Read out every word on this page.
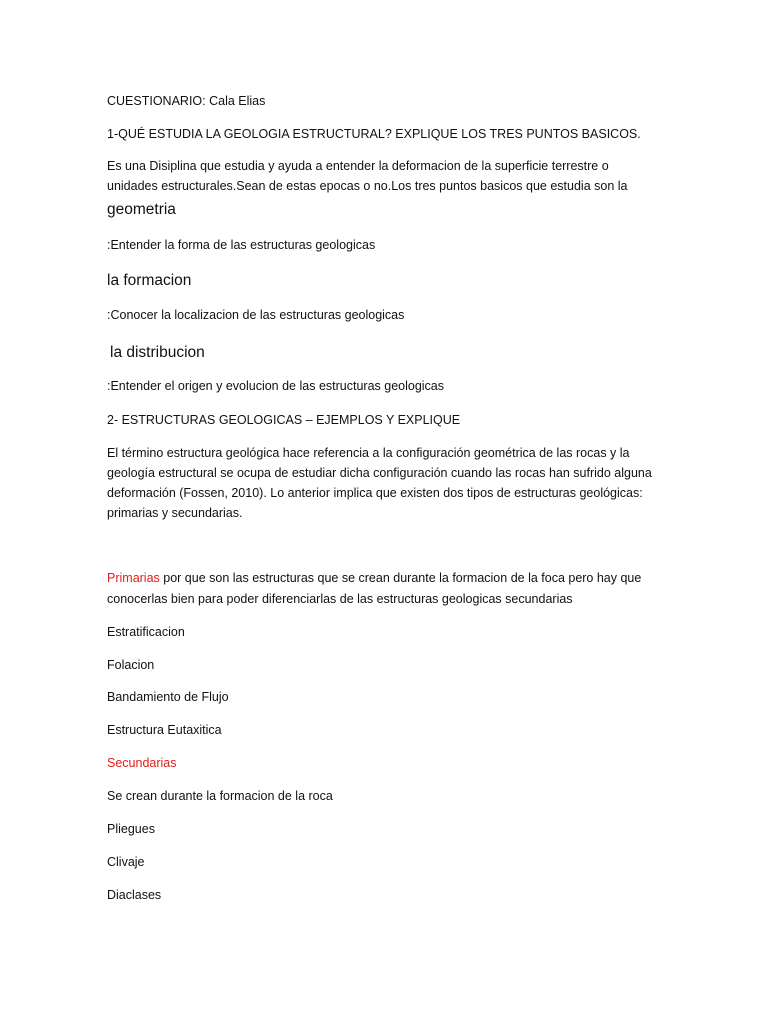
CUESTIONARIO: Cala Elias
1-QUÉ ESTUDIA LA GEOLOGIA ESTRUCTURAL? EXPLIQUE LOS TRES PUNTOS BASICOS.
Es una Disiplina que estudia y ayuda a entender la deformacion de la superficie terrestre o
unidades estructurales.Sean de estas epocas o no.Los tres puntos basicos que estudia son la
geometria
:Entender la forma de las estructuras geologicas
la formacion
:Conocer la localizacion de las estructuras geologicas
la distribucion
:Entender el origen y evolucion de las estructuras geologicas
2- ESTRUCTURAS GEOLOGICAS – EJEMPLOS Y EXPLIQUE
El término estructura geológica hace referencia a la configuración geométrica de las rocas y la
geología estructural se ocupa de estudiar dicha configuración cuando las rocas han sufrido alguna
deformación (Fossen, 2010). Lo anterior implica que existen dos tipos de estructuras geológicas:
primarias y secundarias.
Primarias por que son las estructuras que se crean durante la formacion de la foca pero hay que
conocerlas bien para poder diferenciarlas de las estructuras geologicas secundarias
Estratificacion
Folacion
Bandamiento de Flujo
Estructura Eutaxitica
Secundarias
Se crean durante la formacion de la roca
Pliegues
Clivaje
Diaclases
